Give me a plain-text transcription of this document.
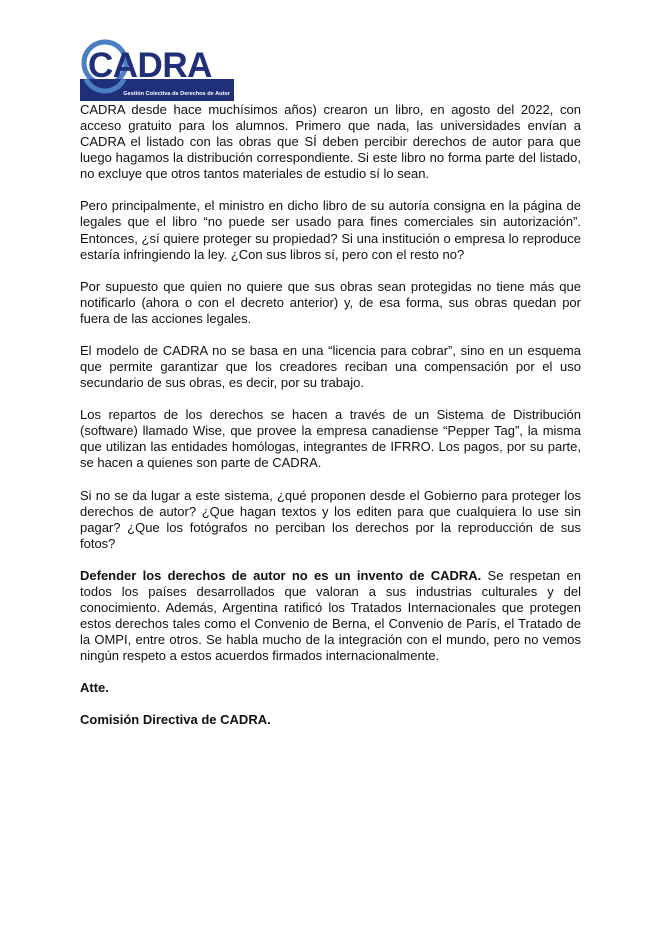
CADRA
Gestión Colectiva de Derechos de Autor

CADRA desde hace muchísimos años) crearon un libro, en agosto del 2022, con acceso gratuito para los alumnos. Primero que nada, las universidades envían a CADRA el listado con las obras que SÍ deben percibir derechos de autor para que luego hagamos la distribución correspondiente. Si este libro no forma parte del listado, no excluye que otros tantos materiales de estudio sí lo sean.

Pero principalmente, el ministro en dicho libro de su autoría consigna en la página de legales que el libro “no puede ser usado para fines comerciales sin autorización”. Entonces, ¿sí quiere proteger su propiedad? Si una institución o empresa lo reproduce estaría infringiendo la ley. ¿Con sus libros sí, pero con el resto no?

Por supuesto que quien no quiere que sus obras sean protegidas no tiene más que notificarlo (ahora o con el decreto anterior) y, de esa forma, sus obras quedan por fuera de las acciones legales.

El modelo de CADRA no se basa en una “licencia para cobrar”, sino en un esquema que permite garantizar que los creadores reciban una compensación por el uso secundario de sus obras, es decir, por su trabajo.

Los repartos de los derechos se hacen a través de un Sistema de Distribución (software) llamado Wise, que provee la empresa canadiense “Pepper Tag”, la misma que utilizan las entidades homólogas, integrantes de IFRRO. Los pagos, por su parte, se hacen a quienes son parte de CADRA.

Si no se da lugar a este sistema, ¿qué proponen desde el Gobierno para proteger los derechos de autor? ¿Que hagan textos y los editen para que cualquiera lo use sin pagar? ¿Que los fotógrafos no perciban los derechos por la reproducción de sus fotos?

Defender los derechos de autor no es un invento de CADRA. Se respetan en todos los países desarrollados que valoran a sus industrias culturales y del conocimiento. Además, Argentina ratificó los Tratados Internacionales que protegen estos derechos tales como el Convenio de Berna, el Convenio de París, el Tratado de la OMPI, entre otros. Se habla mucho de la integración con el mundo, pero no vemos ningún respeto a estos acuerdos firmados internacionalmente.

Atte.

Comisión Directiva de CADRA.
